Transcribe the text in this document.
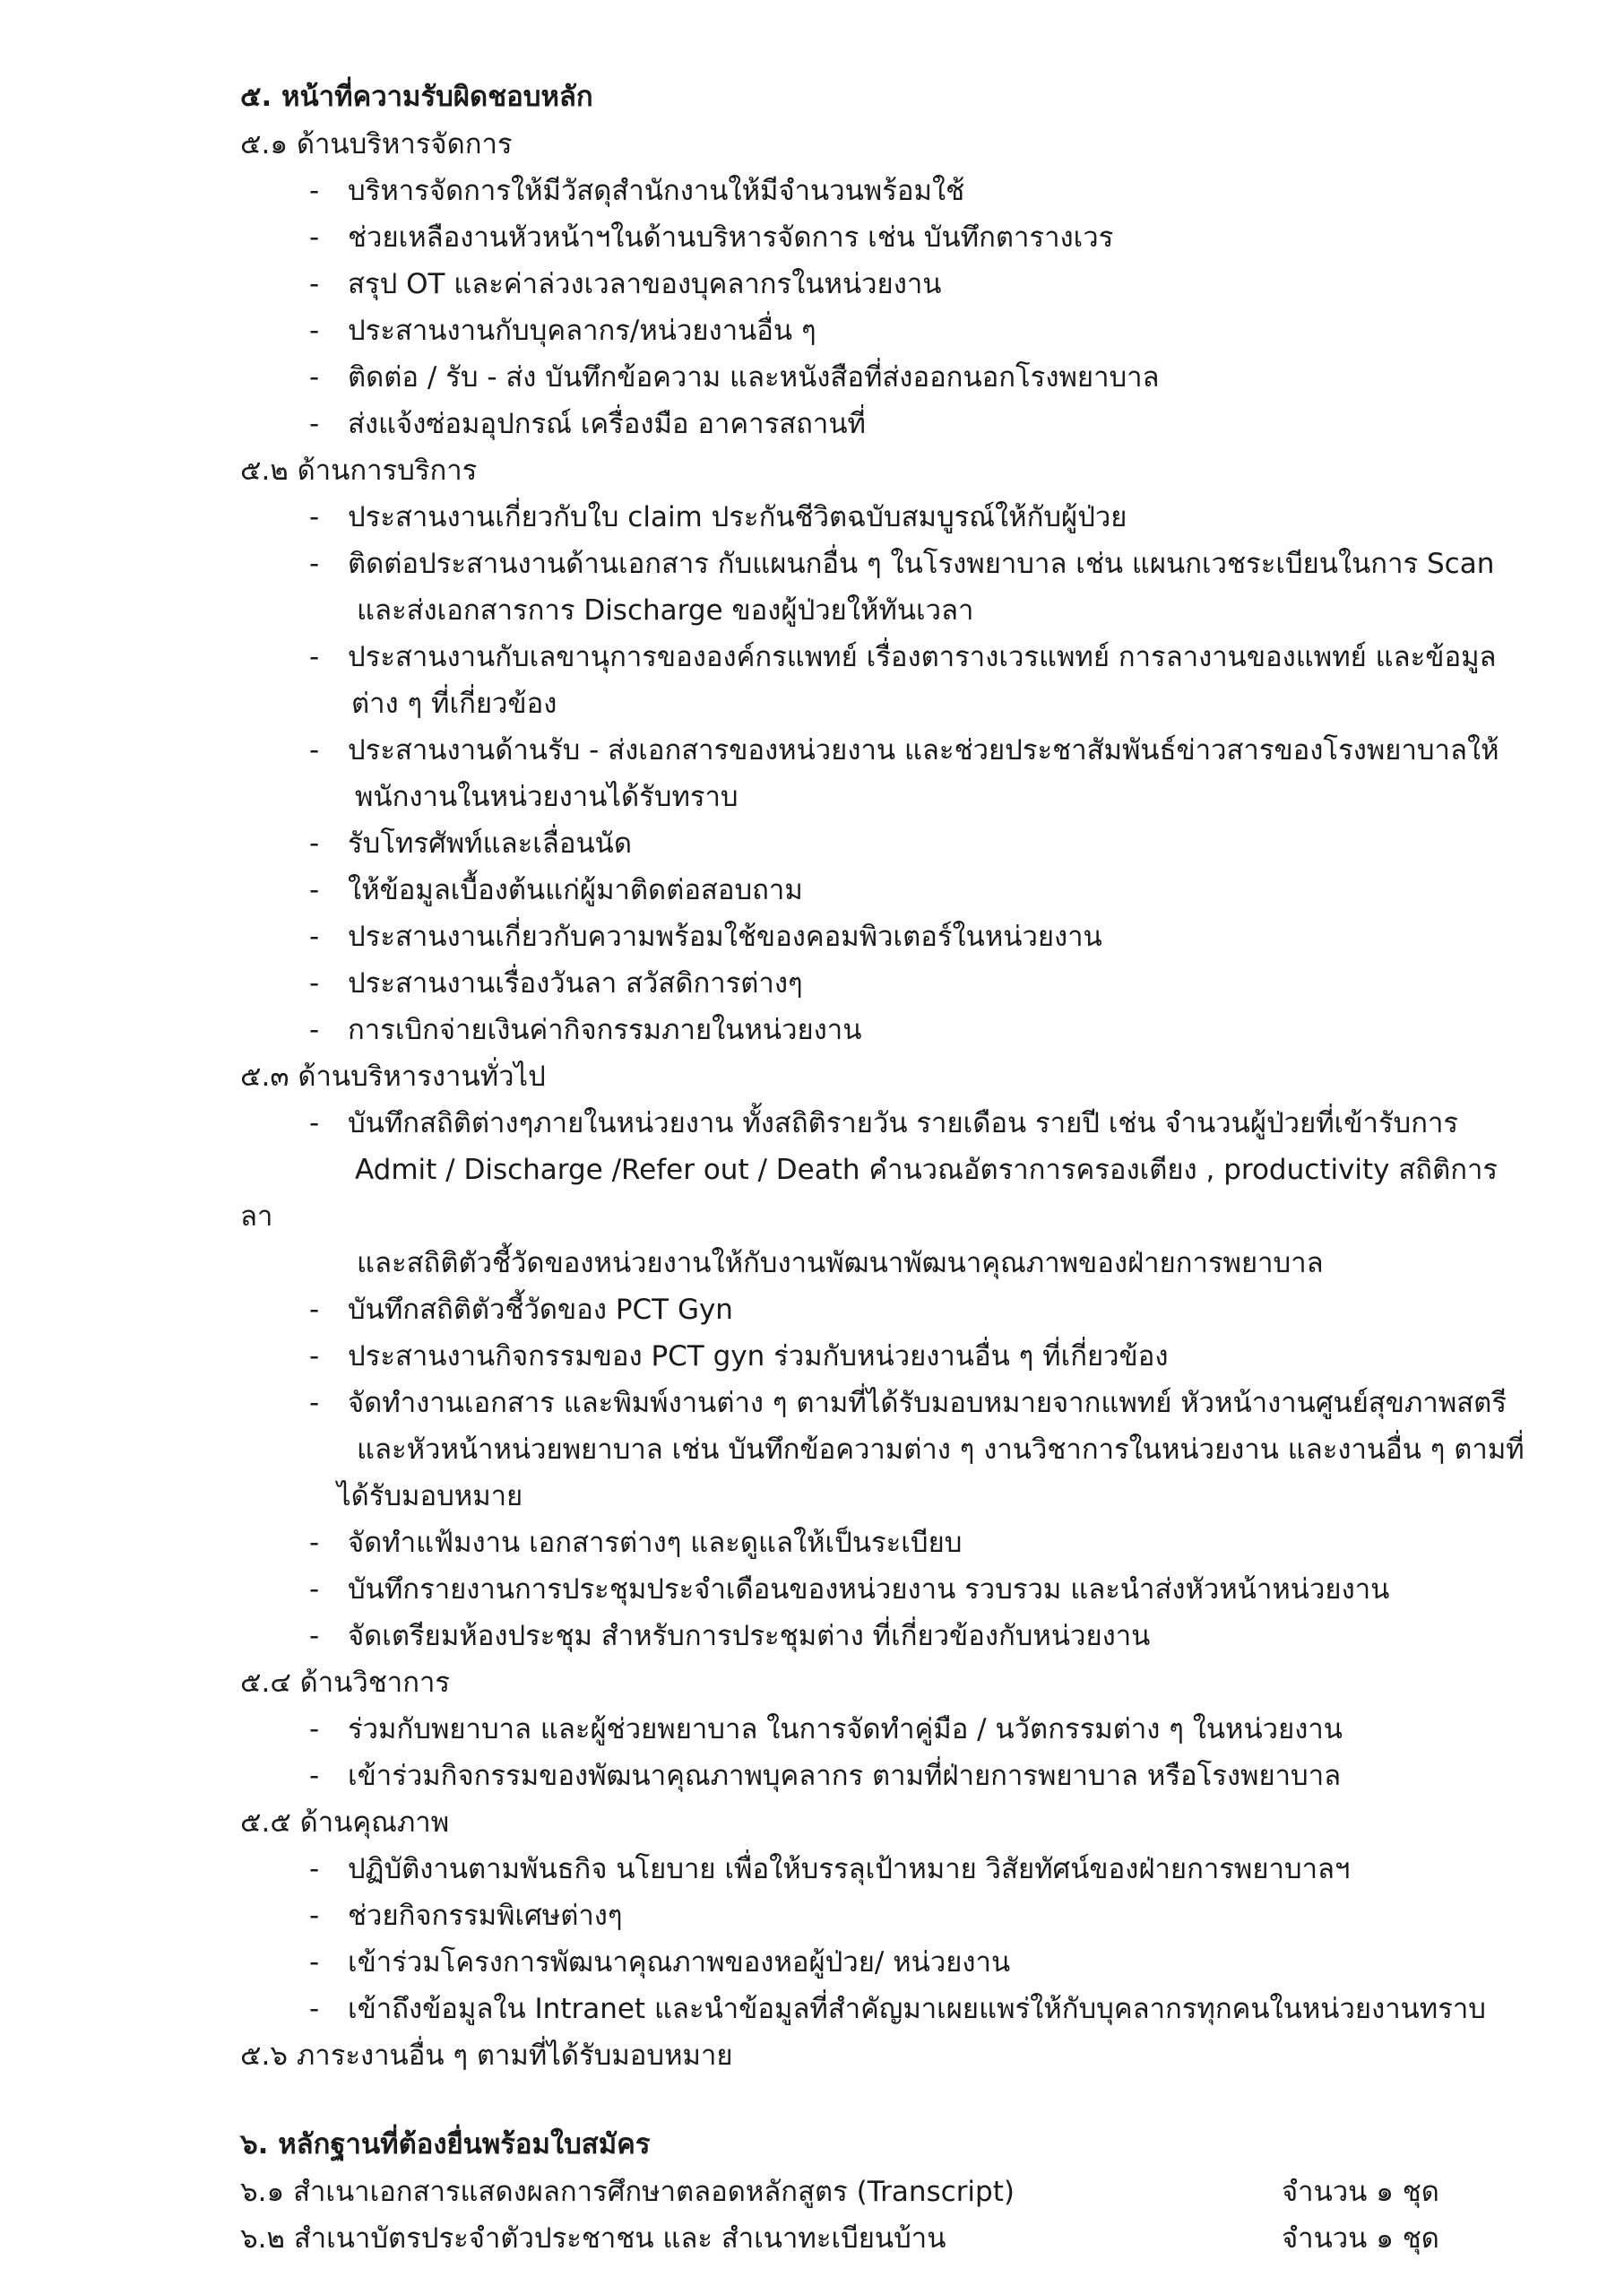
๕. หน้าที่ความรับผิดชอบหลัก
๕.๑ ด้านบริหารจัดการ
- บริหารจัดการให้มีวัสดุสำนักงานให้มีจำนวนพร้อมใช้
- ช่วยเหลืองานหัวหน้าฯในด้านบริหารจัดการ เช่น บันทึกตารางเวร
- สรุป OT และค่าล่วงเวลาของบุคลากรในหน่วยงาน
- ประสานงานกับบุคลากร/หน่วยงานอื่น ๆ
- ติดต่อ / รับ - ส่ง บันทึกข้อความ และหนังสือที่ส่งออกนอกโรงพยาบาล
- ส่งแจ้งซ่อมอุปกรณ์ เครื่องมือ อาคารสถานที่
๕.๒ ด้านการบริการ
- ประสานงานเกี่ยวกับใบ claim ประกันชีวิตฉบับสมบูรณ์ให้กับผู้ป่วย
- ติดต่อประสานงานด้านเอกสาร กับแผนกอื่น ๆ ในโรงพยาบาล เช่น แผนกเวชระเบียนในการ Scan
และส่งเอกสารการ Discharge ของผู้ป่วยให้ทันเวลา
- ประสานงานกับเลขานุการขององค์กรแพทย์ เรื่องตารางเวรแพทย์ การลางานของแพทย์ และข้อมูล
ต่าง ๆ ที่เกี่ยวข้อง
- ประสานงานด้านรับ - ส่งเอกสารของหน่วยงาน และช่วยประชาสัมพันธ์ข่าวสารของโรงพยาบาลให้
พนักงานในหน่วยงานได้รับทราบ
- รับโทรศัพท์และเลื่อนนัด
- ให้ข้อมูลเบื้องต้นแก่ผู้มาติดต่อสอบถาม
- ประสานงานเกี่ยวกับความพร้อมใช้ของคอมพิวเตอร์ในหน่วยงาน
- ประสานงานเรื่องวันลา สวัสดิการต่างๆ
- การเบิกจ่ายเงินค่ากิจกรรมภายในหน่วยงาน
๕.๓ ด้านบริหารงานทั่วไป
- บันทึกสถิติต่างๆภายในหน่วยงาน ทั้งสถิติรายวัน รายเดือน รายปี เช่น จำนวนผู้ป่วยที่เข้ารับการ
Admit / Discharge /Refer out / Death คำนวณอัตราการครองเตียง , productivity สถิติการ
ลา
และสถิติตัวชี้วัดของหน่วยงานให้กับงานพัฒนาพัฒนาคุณภาพของฝ่ายการพยาบาล
- บันทึกสถิติตัวชี้วัดของ PCT Gyn
- ประสานงานกิจกรรมของ PCT gyn ร่วมกับหน่วยงานอื่น ๆ ที่เกี่ยวข้อง
- จัดทำงานเอกสาร และพิมพ์งานต่าง ๆ ตามที่ได้รับมอบหมายจากแพทย์ หัวหน้างานศูนย์สุขภาพสตรี
และหัวหน้าหน่วยพยาบาล เช่น บันทึกข้อความต่าง ๆ งานวิชาการในหน่วยงาน และงานอื่น ๆ ตามที่
ได้รับมอบหมาย
- จัดทำแฟ้มงาน เอกสารต่างๆ และดูแลให้เป็นระเบียบ
- บันทึกรายงานการประชุมประจำเดือนของหน่วยงาน รวบรวม และนำส่งหัวหน้าหน่วยงาน
- จัดเตรียมห้องประชุม สำหรับการประชุมต่าง ที่เกี่ยวข้องกับหน่วยงาน
๕.๔ ด้านวิชาการ
- ร่วมกับพยาบาล และผู้ช่วยพยาบาล ในการจัดทำคู่มือ / นวัตกรรมต่าง ๆ ในหน่วยงาน
- เข้าร่วมกิจกรรมของพัฒนาคุณภาพบุคลากร ตามที่ฝ่ายการพยาบาล หรือโรงพยาบาล
๕.๕ ด้านคุณภาพ
- ปฏิบัติงานตามพันธกิจ นโยบาย เพื่อให้บรรลุเป้าหมาย วิสัยทัศน์ของฝ่ายการพยาบาลฯ
- ช่วยกิจกรรมพิเศษต่างๆ
- เข้าร่วมโครงการพัฒนาคุณภาพของหอผู้ป่วย/ หน่วยงาน
- เข้าถึงข้อมูลใน Intranet และนำข้อมูลที่สำคัญมาเผยแพร่ให้กับบุคลากรทุกคนในหน่วยงานทราบ
๕.๖ ภาระงานอื่น ๆ ตามที่ได้รับมอบหมาย
๖. หลักฐานที่ต้องยื่นพร้อมใบสมัคร
๖.๑ สำเนาเอกสารแสดงผลการศึกษาตลอดหลักสูตร (Transcript)	จำนวน ๑ ชุด
๖.๒ สำเนาบัตรประจำตัวประชาชน และ สำเนาทะเบียนบ้าน	จำนวน ๑ ชุด
